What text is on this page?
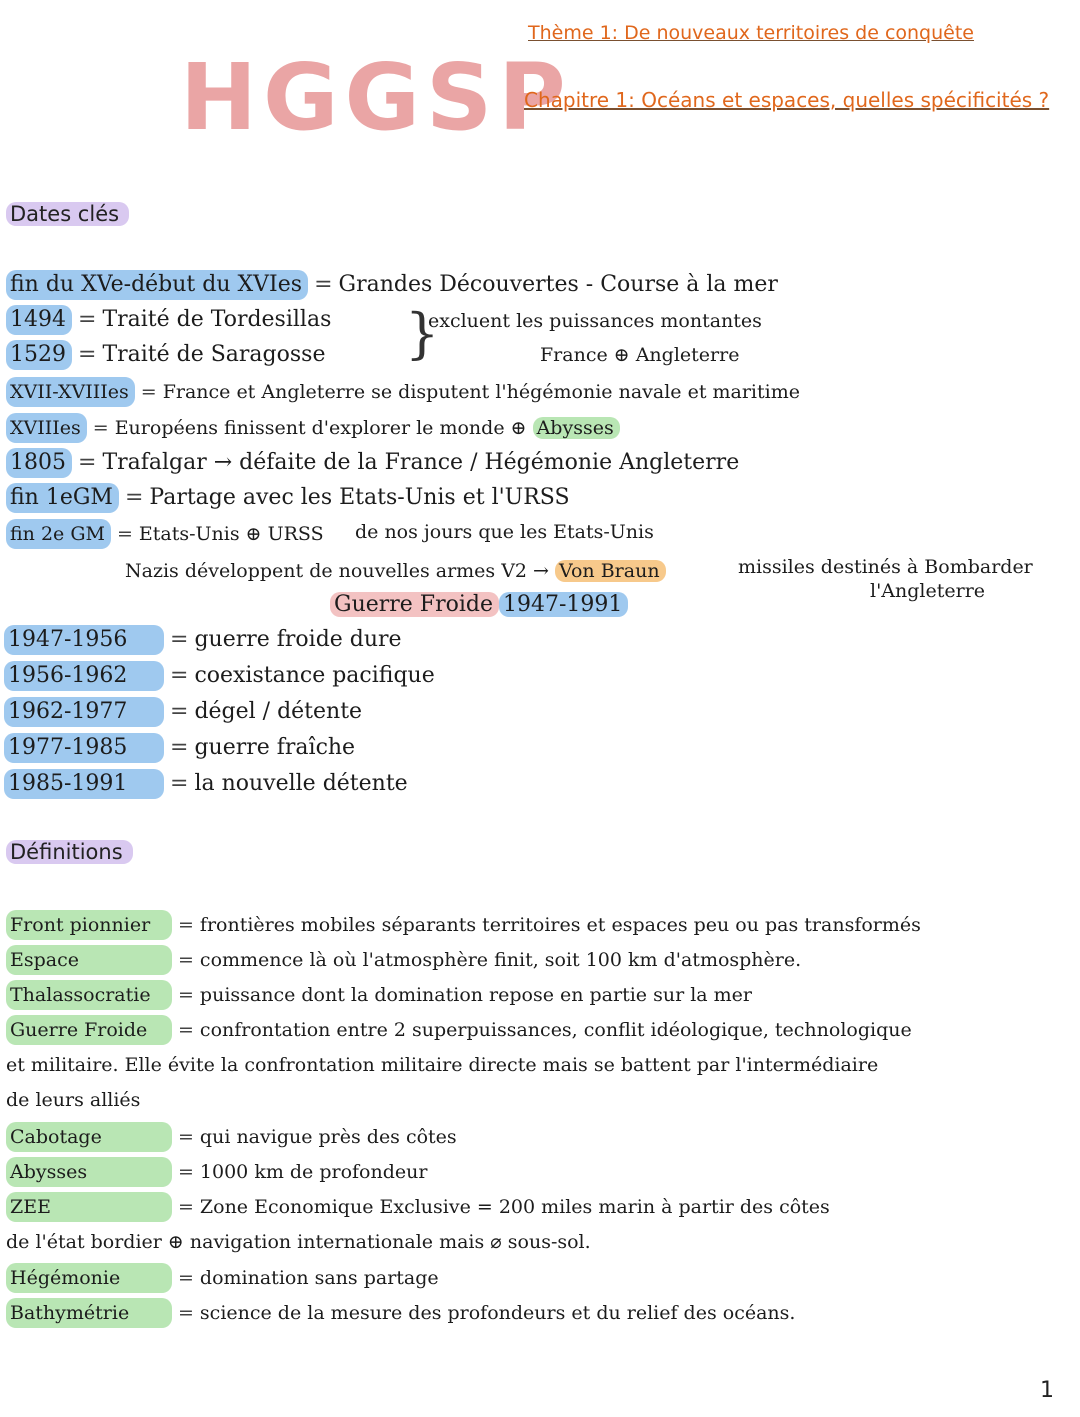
HGGSP
Thème 1: De nouveaux territoires de conquête
Chapitre 1: Océans et espaces, quelles spécificités ?
Dates clés
fin du XVe-début du XVIes = Grandes Découvertes - Course à la mer
1494 = Traité de Tordesillas
1529 = Traité de Saragosse }
excluent les puissances montantes
France ⊕ Angleterre
XVII-XVIIIes = France et Angleterre se disputent l'hégémonie navale et maritime
XVIIIes = Européens finissent d'explorer le monde ⊕ Abysses
1805 = Trafalgar → défaite de la France / Hégémonie Angleterre
fin 1eGM = Partage avec les Etats-Unis et l'URSS
fin 2e GM = Etats-Unis ⊕ URSS de nos jours que les Etats-Unis
Nazis développent de nouvelles armes V2 → Von Braun	missiles destinés à Bombarder
l'Angleterre
Guerre Froide 1947-1991
1947-1956 = guerre froide dure
1956-1962 = coexistance pacifique
1962-1977 = dégel / détente
1977-1985 = guerre fraîche
1985-1991 = la nouvelle détente
Définitions
Front pionnier = frontières mobiles séparants territoires et espaces peu ou pas transformés
Espace	= commence là où l'atmosphère finit, soit 100 km d'atmosphère.
Thalassocratie = puissance dont la domination repose en partie sur la mer
Guerre Froide = confrontation entre 2 superpuissances, conflit idéologique, technologique
et militaire. Elle évite la confrontation militaire directe mais se battent par l'intermédiaire
de leurs alliés
Cabotage	= qui navigue près des côtes
Abysses	= 1000 km de profondeur
ZEE	= Zone Economique Exclusive = 200 miles marin à partir des côtes
de l'état bordier ⊕ navigation internationale mais ⌀ sous-sol.
Hégémonie	= domination sans partage
Bathymétrie	= science de la mesure des profondeurs et du relief des océans.
1
